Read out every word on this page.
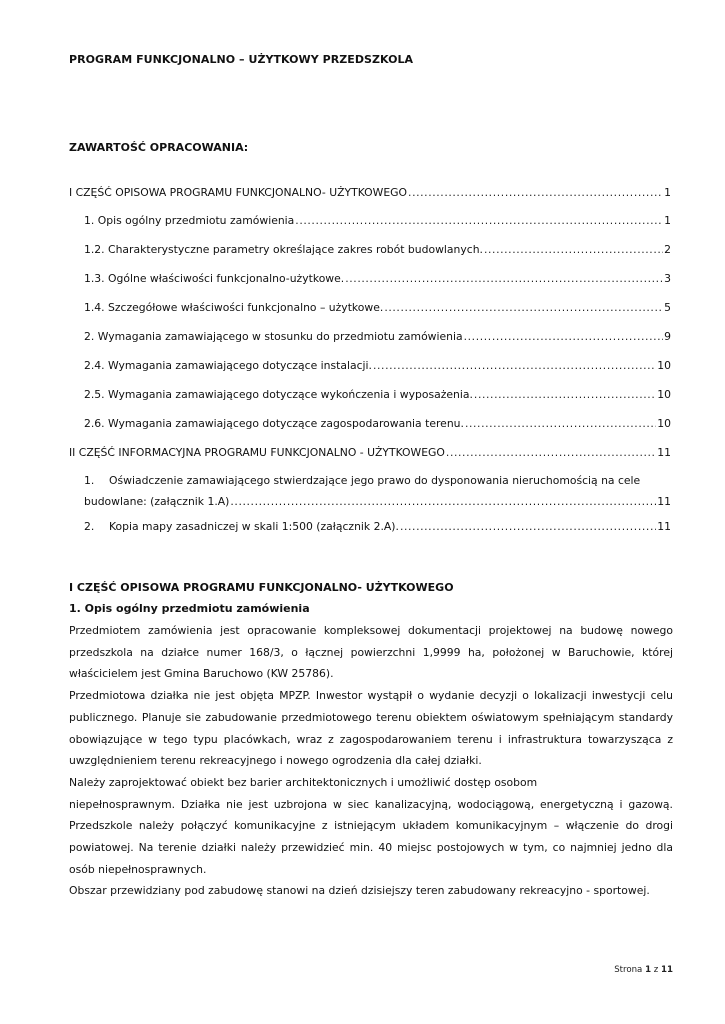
PROGRAM FUNKCJONALNO – UŻYTKOWY PRZEDSZKOLA
ZAWARTOŚĆ OPRACOWANIA:
I CZĘŚĆ OPISOWA PROGRAMU FUNKCJONALNO- UŻYTKOWEGO .....	1
1. Opis ogólny przedmiotu zamówienia .....	1
1.2. Charakterystyczne parametry określające zakres robót budowlanych. .....	2
1.3. Ogólne właściwości funkcjonalno-użytkowe. .....	3
1.4. Szczegółowe właściwości funkcjonalno – użytkowe. .....	5
2. Wymagania zamawiającego w stosunku do przedmiotu zamówienia .....	9
2.4. Wymagania zamawiającego dotyczące instalacji. .....	10
2.5. Wymagania zamawiającego dotyczące wykończenia i wyposażenia. .....	10
2.6. Wymagania zamawiającego dotyczące zagospodarowania terenu. .....	10
II CZĘŚĆ INFORMACYJNA PROGRAMU FUNKCJONALNO - UŻYTKOWEGO .....	11
1. Oświadczenie zamawiającego stwierdzające jego prawo do dysponowania nieruchomością na cele
budowlane: (załącznik 1.A) .....	11
2. Kopia mapy zasadniczej w skali 1:500 (załącznik 2.A). .....	11
I CZĘŚĆ OPISOWA PROGRAMU FUNKCJONALNO- UŻYTKOWEGO
1. Opis ogólny przedmiotu zamówienia

Przedmiotem zamówienia jest opracowanie kompleksowej dokumentacji projektowej na budowę nowego przedszkola na działce numer 168/3, o łącznej powierzchni 1,9999 ha, położonej w Baruchowie, której właścicielem jest Gmina Baruchowo (KW 25786).

Przedmiotowa działka nie jest objęta MPZP. Inwestor wystąpił o wydanie decyzji o lokalizacji inwestycji celu publicznego. Planuje sie zabudowanie przedmiotowego terenu obiektem oświatowym spełniającym standardy obowiązujące w tego typu placówkach, wraz z zagospodarowaniem terenu i infrastruktura towarzysząca z uwzględnieniem terenu rekreacyjnego i nowego ogrodzenia dla całej działki.

Należy zaprojektować obiekt bez barier architektonicznych i umożliwić dostęp osobom

niepełnosprawnym. Działka nie jest uzbrojona w siec kanalizacyjną, wodociągową, energetyczną i gazową. Przedszkole należy połączyć komunikacyjne z istniejącym układem komunikacyjnym – włączenie do drogi powiatowej. Na terenie działki należy przewidzieć min. 40 miejsc postojowych w tym, co najmniej jedno dla osób niepełnosprawnych.

Obszar przewidziany pod zabudowę stanowi na dzień dzisiejszy teren zabudowany rekreacyjno - sportowej.

Strona 1 z 11
